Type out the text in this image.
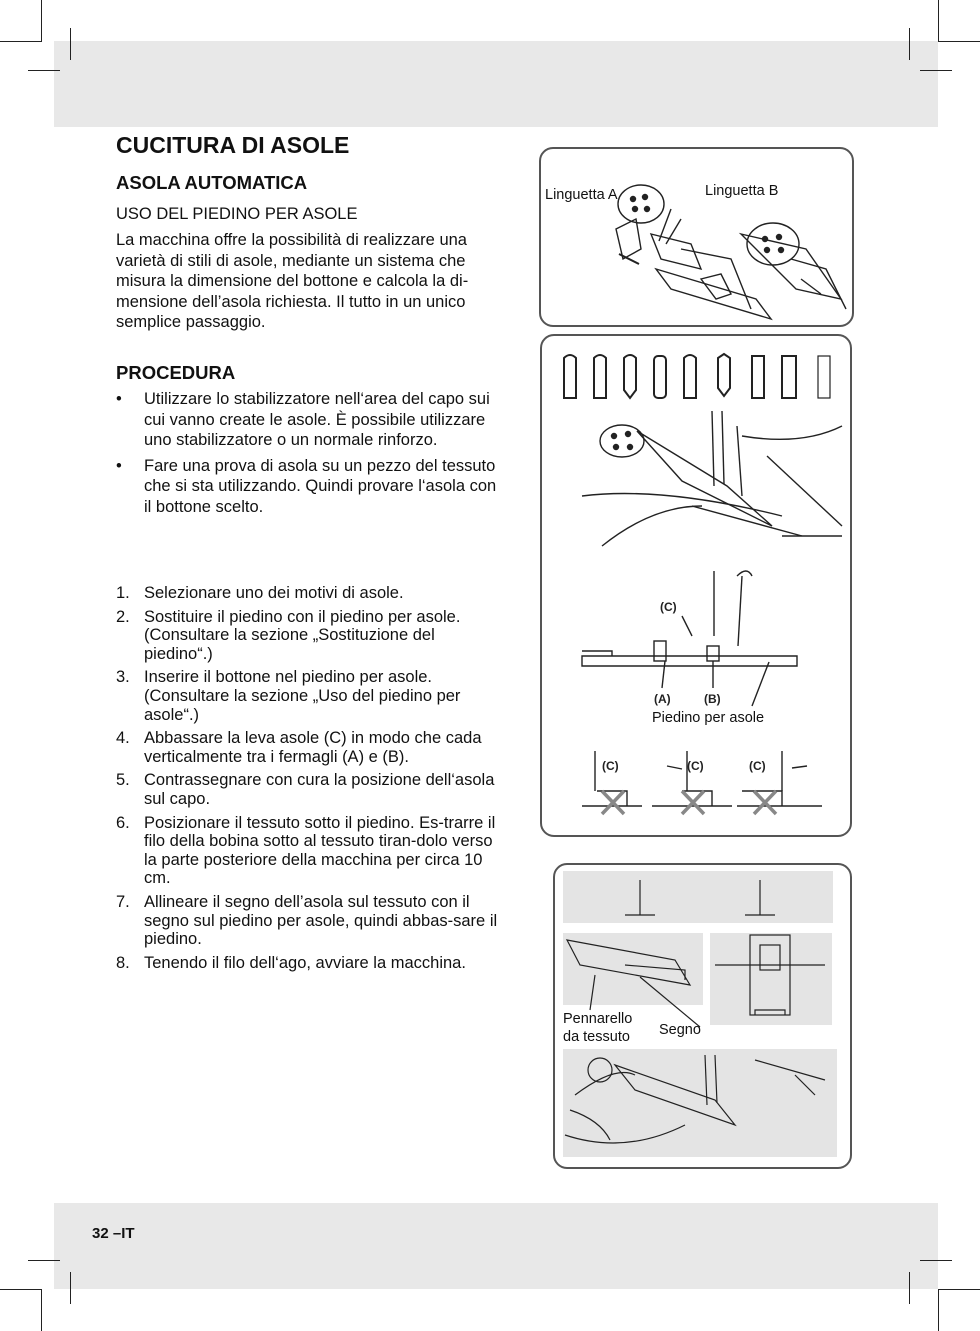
CUCITURA DI ASOLE
ASOLA AUTOMATICA

USO DEL PIEDINO PER ASOLE

La macchina offre la possibilità di realizzare una varietà di stili di asole, mediante un sistema che misura la dimensione del bottone e calcola la di-mensione dell’asola richiesta. Il tutto in un unico semplice passaggio.

PROCEDURA
• Utilizzare lo stabilizzatore nell‘area del capo sui cui vanno create le asole. È possibile utilizzare uno stabilizzatore o un normale rinforzo.
• Fare una prova di asola su un pezzo del tessuto che si sta utilizzando. Quindi provare l‘asola con il bottone scelto.
1. Selezionare uno dei motivi di asole.
2. Sostituire il piedino con il piedino per asole. (Consultare la sezione „Sostituzione del piedino“.)
3. Inserire il bottone nel piedino per asole. (Consultare la sezione „Uso del piedino per asole“.)
4. Abbassare la leva asole (C) in modo che cada verticalmente tra i fermagli (A) e (B).
5. Contrassegnare con cura la posizione dell‘asola sul capo.
6. Posizionare il tessuto sotto il piedino. Es-trarre il filo della bobina sotto al tessuto tiran-dolo verso la parte posteriore della macchina per circa 10 cm.
7. Allineare il segno dell’asola sul tessuto con il segno sul piedino per asole, quindi abbas-sare il piedino.
8. Tenendo il filo dell‘ago, avviare la macchina.
32 –IT
Linguetta A	Linguetta B
(C)
(A)	(B)
Piedino per asole
(C)	(C)	(C)
Pennarello
da tessuto Segno
